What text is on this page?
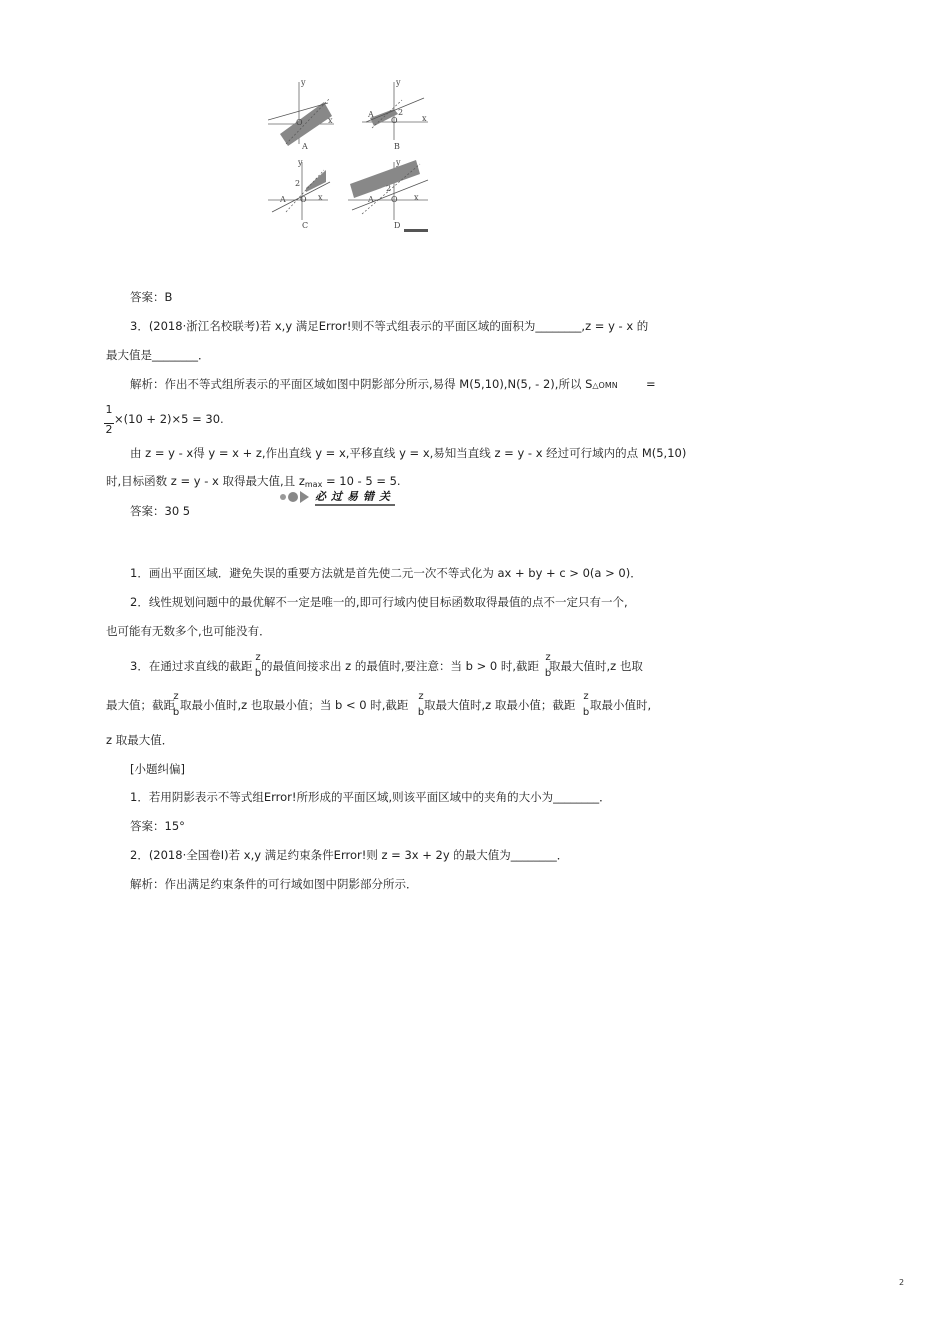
x
y
O
A
x
y
O
A	2
B
x
y
O
A
2
C
x
y
O
A
2
D
答案：B
3．(2018·浙江名校联考)若 x,y 满足Error!则不等式组表示的平面区域的面积为________,z = y - x 的
最大值是________．
解析：作出不等式组所表示的平面区域如图中阴影部分所示,易得 M(5,10),N(5, - 2),所以 S△OMN =
1
2
×(10 + 2)×5 = 30.
由 z = y - x得 y = x + z,作出直线 y = x,平移直线 y = x,易知当直线 z = y - x 经过可行域内的点 M(5,10)
时,目标函数 z = y - x 取得最大值,且 zmax = 10 - 5 = 5.
必过易错关
答案：30 5
1．画出平面区域．避免失误的重要方法就是首先使二元一次不等式化为 ax + by + c > 0(a > 0)．
2．线性规划问题中的最优解不一定是唯一的,即可行域内使目标函数取得最值的点不一定只有一个,
也可能有无数多个,也可能没有．
3．在通过求直线的截距
z
b
的最值间接求出 z 的最值时,要注意：当 b > 0 时,截距
z
b
取最大值时,z 也取
最大值；截距
z
b
取最小值时,z 也取最小值；当 b < 0 时,截距
z
b
取最大值时,z 取最小值；截距
z
b
取最小值时,
z 取最大值．
[小题纠偏]
1．若用阴影表示不等式组Error!所形成的平面区域,则该平面区域中的夹角的大小为________．
答案：15°
2．(2018·全国卷Ⅰ)若 x,y 满足约束条件Error!则 z = 3x + 2y 的最大值为________．
解析：作出满足约束条件的可行域如图中阴影部分所示．
2
